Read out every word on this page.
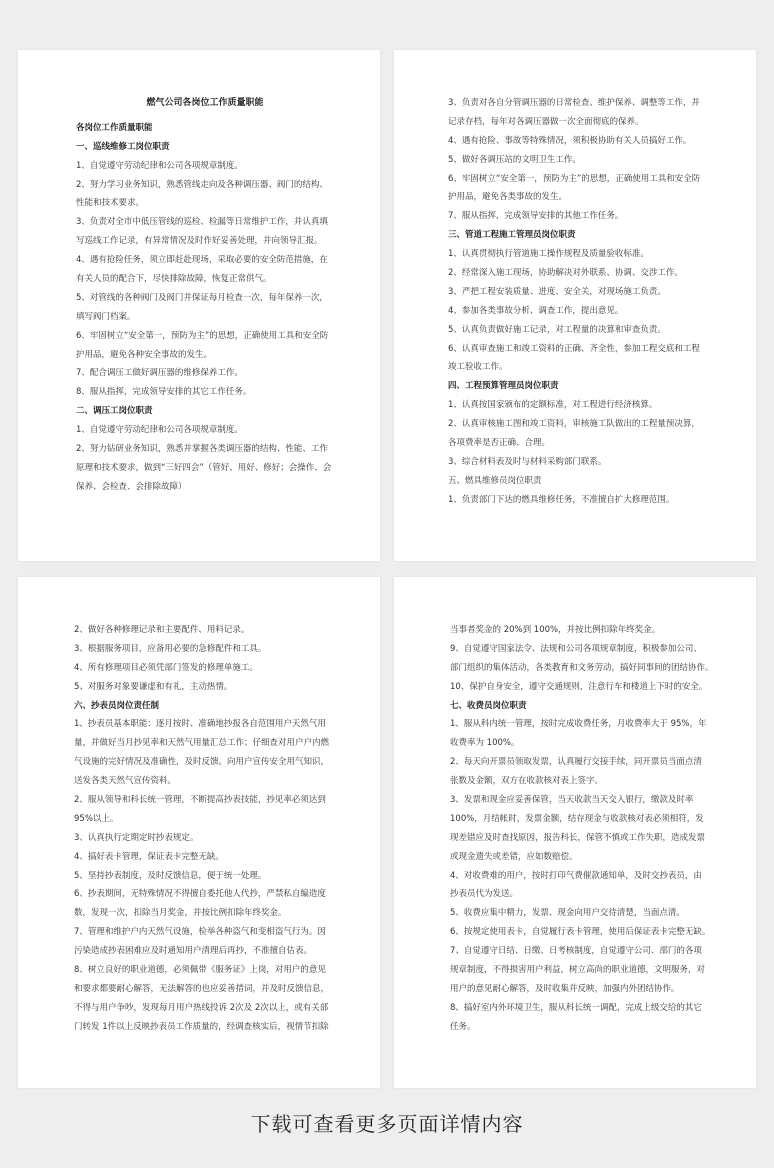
燃气公司各岗位工作质量职能
各岗位工作质量职能
一、巡线维修工岗位职责
1、自觉遵守劳动纪律和公司各项规章制度。
2、努力学习业务知识，熟悉管线走向及各种调压器、阀门的结构、
性能和技术要求。
3、负责对全市中低压管线的巡检、检漏等日常维护工作，并认真填
写巡线工作记录，有异常情况及时作好妥善处理，并向领导汇报。
4、遇有抢险任务，须立即赶赴现场，采取必要的安全防范措施，在
有关人员的配合下，尽快排除故障，恢复正常供气。
5、对管线的各种阀门及阀门井保证每月检查一次，每年保养一次，
填写阀门档案。
6、牢固树立“安全第一，预防为主”的思想，正确使用工具和安全防
护用品，避免各种安全事故的发生。
7、配合调压工做好调压器的维修保养工作。
8、服从指挥，完成领导安排的其它工作任务。
二、调压工岗位职责
1、自觉遵守劳动纪律和公司各项规章制度。
2、努力钻研业务知识，熟悉并掌握各类调压器的结构、性能、工作
原理和技术要求，做到“三好四会”（管好、用好、修好；会操作、会
保养、会检查、会排除故障）
3、负责对各自分管调压器的日常检查、维护保养、调整等工作，并
记录存档，每年对各调压器做一次全面彻底的保养。
4、遇有抢险、事故等特殊情况，须积极协助有关人员搞好工作。
5、做好各调压站的文明卫生工作。
6、牢固树立“安全第一，预防为主”的思想，正确使用工具和安全防
护用品，避免各类事故的发生。
7、服从指挥，完成领导安排的其他工作任务。
三、管道工程施工管理员岗位职责
1、认真贯彻执行管道施工操作规程及质量验收标准。
2、经常深入施工现场，协助解决对外联系、协调、交涉工作。
3、严把工程安装质量、进度、安全关，对现场施工负责。
4、参加各类事故分析、调查工作，提出意见。
5、认真负责做好施工记录，对工程量的决算和审查负责。
6、认真审查施工和竣工资料的正确、齐全性，参加工程交底和工程
竣工验收工作。
四、工程预算管理员岗位职责
1、认真按国家颁布的定额标准，对工程进行经济核算。
2、认真审核施工图和竣工资料，审核施工队做出的工程量预决算，
各项费率是否正确、合理。
3、综合材料表及时与材料采购部门联系。
五、燃具维修员岗位职责
1、负责部门下达的燃具维修任务，不准擅自扩大修理范围。
2、做好各种修理记录和主要配件、用料记录。
3、根据服务项目，应备用必要的急修配件和工具。
4、所有修理项目必须凭部门签发的修理单施工。
5、对服务对象要谦虚和有礼，主动热情。
六、抄表员岗位责任制
1、抄表员基本职能：逐月按时、准确地抄报各自范围用户天然气用
量，并做好当月抄见率和天然气用量汇总工作；仔细查对用户户内燃
气设施的完好情况及准确性，及时反馈。向用户宣传安全用气知识，
送发各类天然气宣传资料。
2、服从领导和科长统一管理，不断提高抄表技能，抄见率必须达到
95%以上。
3、认真执行定期定时抄表规定。
4、搞好表卡管理，保证表卡完整无缺。
5、坚持抄表制度，及时反馈信息，便于统一处理。
6、抄表期间，无特殊情况不得擅自委托他人代抄，严禁私自编造度
数，发现一次，扣除当月奖金，并按比例扣除年终奖金。
7、管理和维护户内天然气设施，检举各种盗气和变相盗气行为。因
污染造成抄表困难应及时通知用户清理后再抄，不准擅自估表。
8、树立良好的职业道德，必须佩带《服务证》上岗，对用户的意见
和要求都要耐心解答，无法解答的也应妥善措词，并及时反馈信息，
不得与用户争吵，发现每月用户热线投诉 2次及 2次以上，或有关部
门转发 1件以上反映抄表员工作质量的，经调查核实后，视情节扣除
当事者奖金的 20%到 100%，并按比例扣除年终奖金。
9、自觉遵守国家法令、法规和公司各项规章制度，积极参加公司、
部门组织的集体活动，各类教育和文务劳动，搞好同事间的团结协作。
10、保护自身安全，遵守交通规则，注意行车和楼道上下时的安全。
七、收费员岗位职责
1、服从科内统一管理，按时完成收费任务，月收费率大于 95%，年
收费率为 100%。
2、每天向开票员领取发票，认真履行交接手续，同开票员当面点清
张数及金额，双方在收款核对表上签字。
3、发票和现金应妥善保管，当天收款当天交入银行，缴款及时率
100%，月结帐时，发票金额，结存现金与收款核对表必须相符，发
现差错应及时查找原因，报告科长，保管不慎或工作失职，造成发票
或现金遗失或差错，应如数赔偿。
4、对收费难的用户，按时打印气费催款通知单，及时交抄表员，由
抄表员代为发送。
5、收费应集中精力，发票、现金向用户交待清楚，当面点清。
6、按规定使用表卡，自觉履行表卡管理，使用后保证表卡完整无缺。
7、自觉遵守日结、日缴、日考核制度，自觉遵守公司、部门的各项
规章制度，不得损害用户利益，树立高尚的职业道德，文明服务，对
用户的意见耐心解答，及时收集并反映，加强内外团结协作。
8、搞好室内外环境卫生，服从科长统一调配，完成上级交给的其它
任务。
下载可查看更多页面详情内容
